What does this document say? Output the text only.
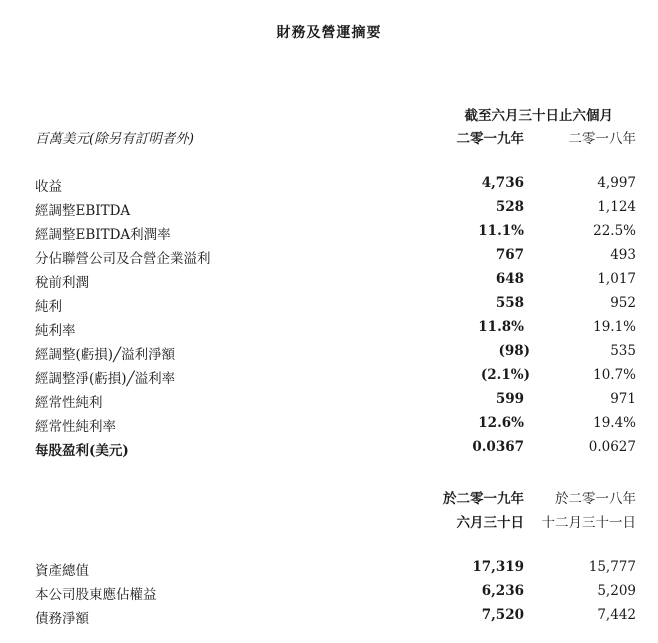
財務及營運摘要
截至六月三十日止六個月
百萬美元(除另有訂明者外)	二零一九年	二零一八年
收益	4,736	4,997
經調整EBITDA	528	1,124
經調整EBITDA利潤率	11.1%	22.5%
分佔聯營公司及合營企業溢利	767	493
稅前利潤	648	1,017
純利	558	952
純利率	11.8%	19.1%
經調整(虧損)╱溢利淨額	(98)	535
經調整淨(虧損)╱溢利率	(2.1%)	10.7%
經常性純利	599	971
經常性純利率	12.6%	19.4%
每股盈利(美元)	0.0367	0.0627
於二零一九年 於二零一八年
六月三十日 十二月三十一日
資產總值	17,319	15,777
本公司股東應佔權益	6,236	5,209
債務淨額	7,520	7,442
